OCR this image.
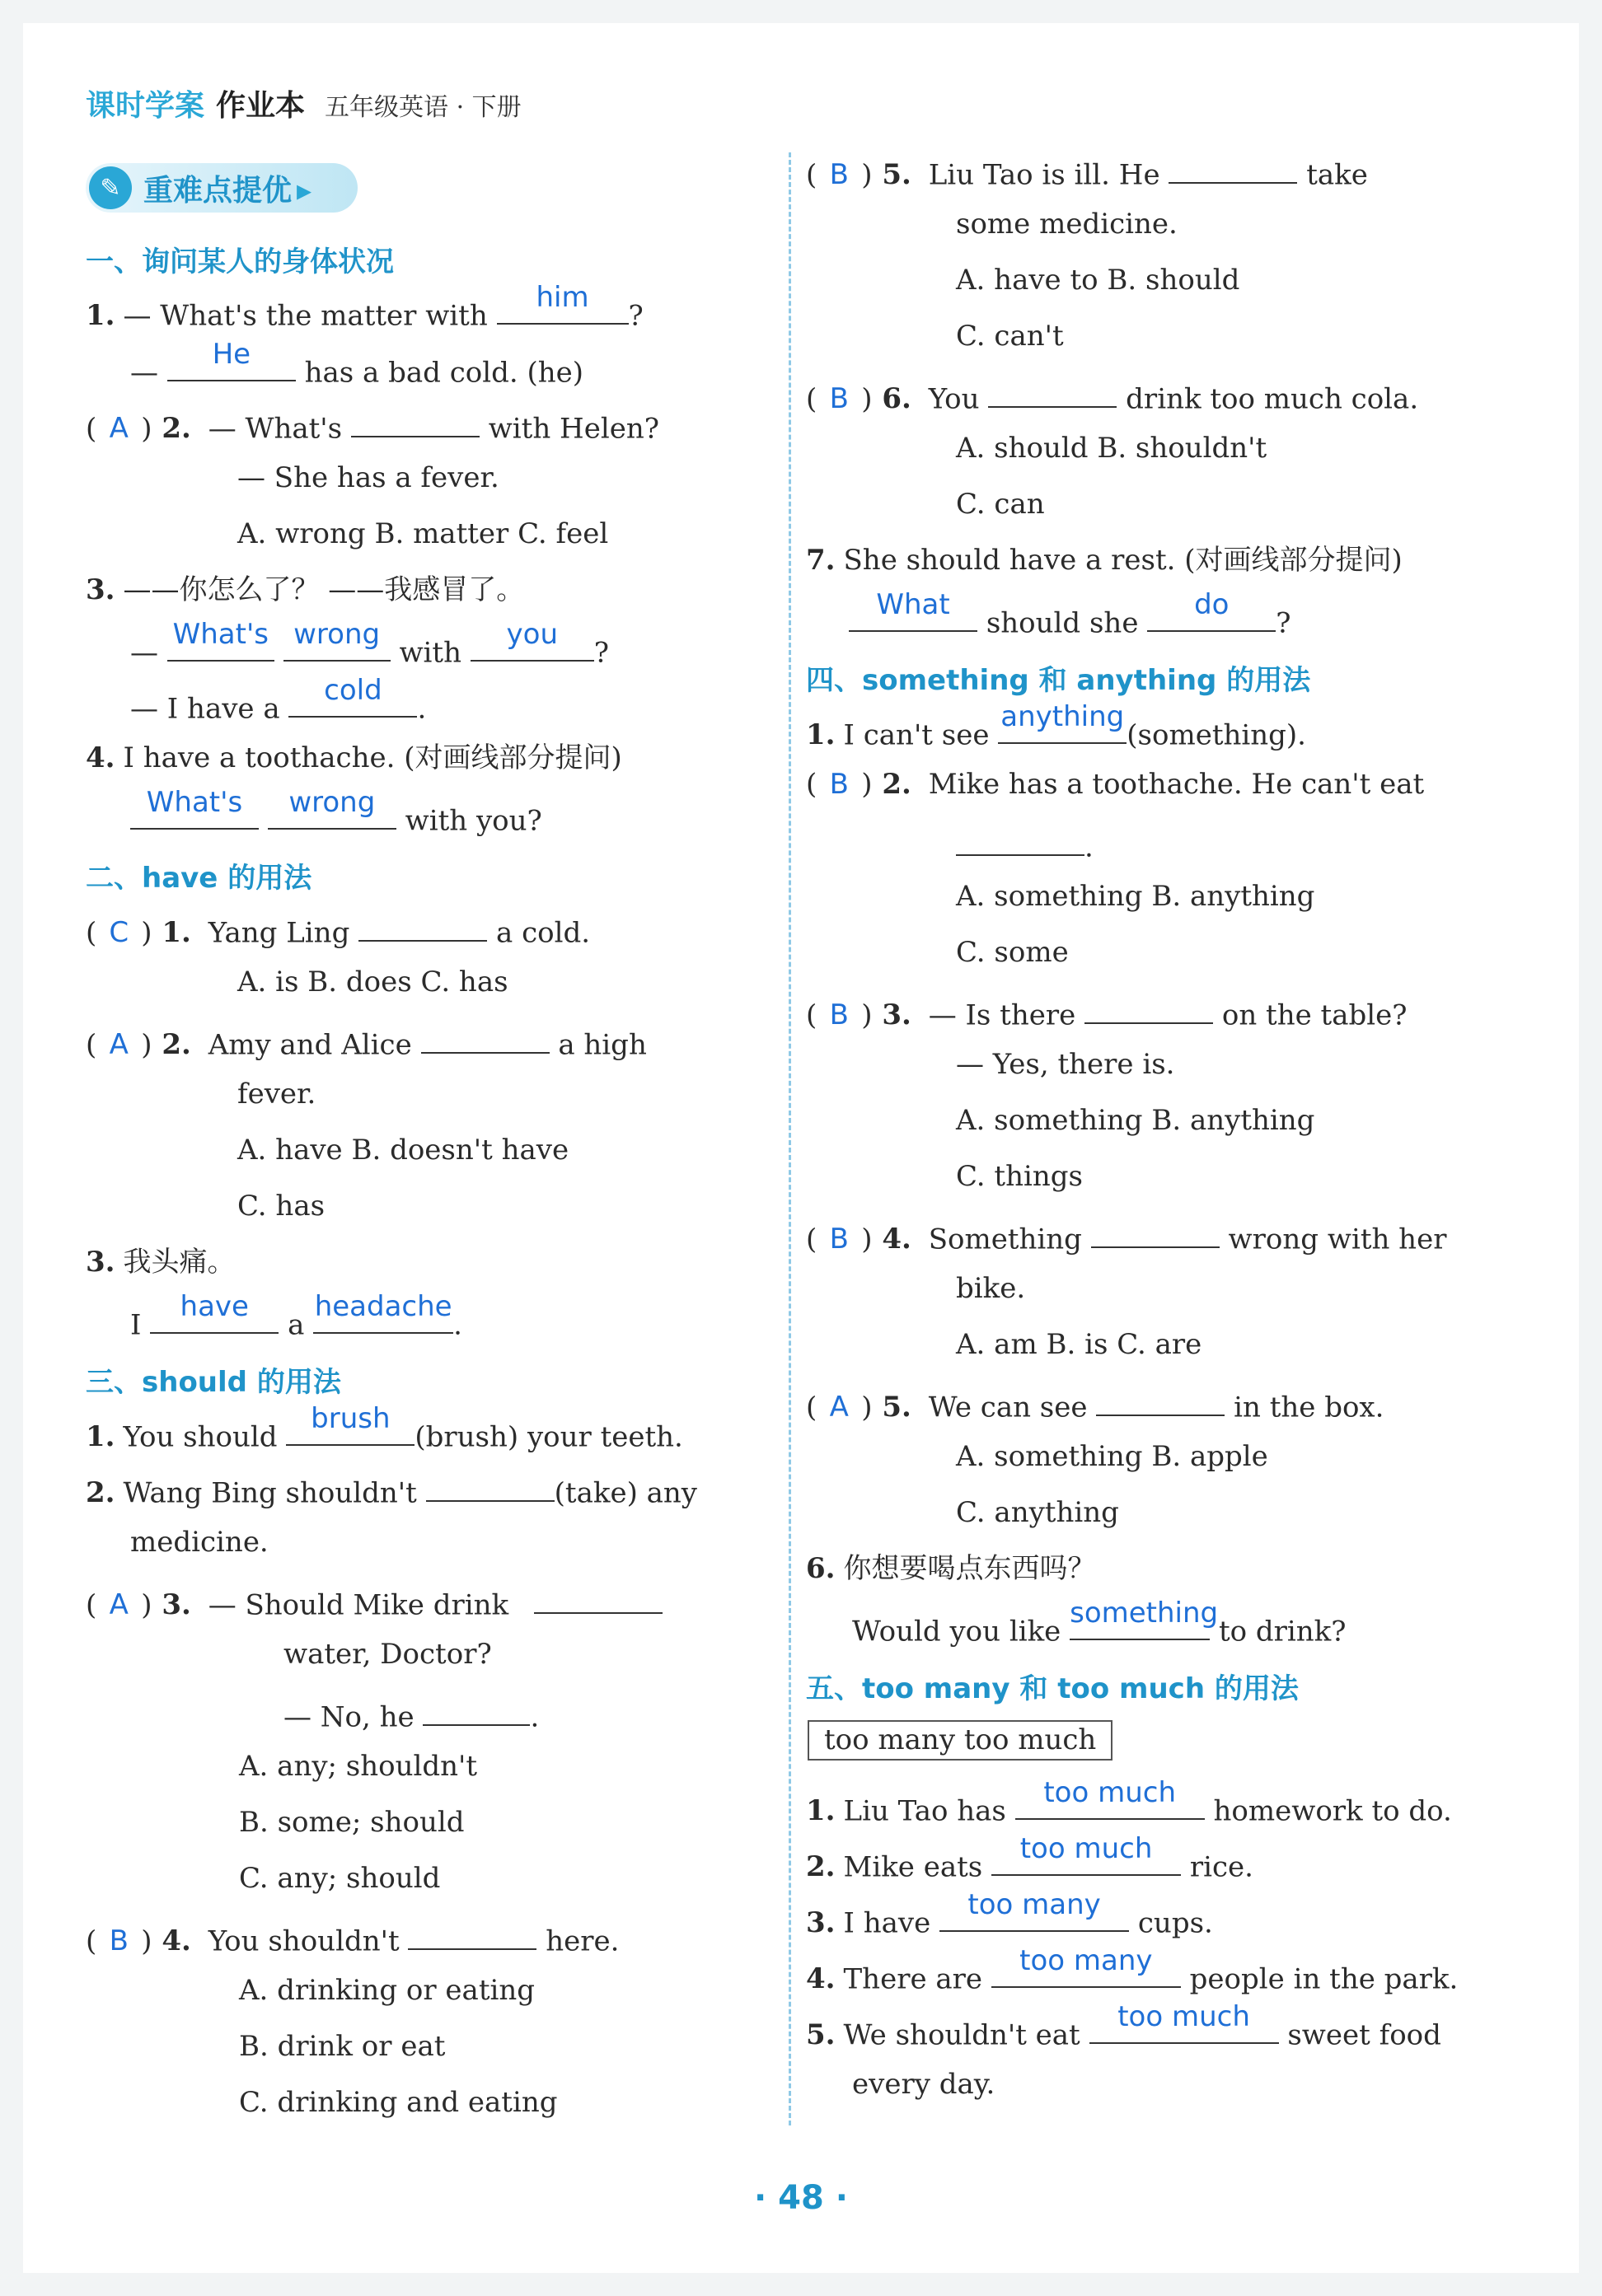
课时学案 作业本 五年级英语 · 下册
✎ 重难点提优 ▸
一、询问某人的身体状况
1. — What's the matter with
him
?
—
He
has a bad cold. (he)
( A ) 2. — What's	with Helen?
— She has a fever.
A. wrong B. matter C. feel
3. ——你怎么了？ ——我感冒了。
—
What's
wrong
with
you
?
— I have a
cold
.
4. I have a toothache. (对画线部分提问)
What's
	wrong
with you?
二、have 的用法
( C ) 1. Yang Ling	a cold.
A. is B. does C. has
( A ) 2. Amy and Alice	a high
fever.
A. have B. doesn't have
C. has
3. 我头痛。
I
have
a
headache
.
三、should 的用法
1. You should
brush
(brush) your teeth.
2. Wang Bing shouldn't	(take) any
medicine.
( A ) 3. — Should Mike drink
water, Doctor?
— No, he	.
A. any; shouldn't
B. some; should
C. any; should
( B ) 4. You shouldn't	here.
A. drinking or eating
B. drink or eat
C. drinking and eating
( B ) 5. Liu Tao is ill. He	take
some medicine.
A. have to B. should
C. can't
( B ) 6. You	drink too much cola.
A. should B. shouldn't
C. can
7. She should have a rest. (对画线部分提问)
What
should she
do
?
四、something 和 anything 的用法
1. I can't see
anything
(something).
( B ) 2. Mike has a toothache. He can't eat
.
A. something B. anything
C. some
( B ) 3. — Is there	on the table?
— Yes, there is.
A. something B. anything
C. things
( B ) 4. Something	wrong with her
bike.
A. am B. is C. are
( A ) 5. We can see	in the box.
A. something B. apple
C. anything
6. 你想要喝点东西吗？
Would you like
something
to drink?
五、too many 和 too much 的用法
too many too much
1. Liu Tao has
too much
homework to do.
2. Mike eats
too much
rice.
3. I have
too many
cups.
4. There are
too many
people in the park.
5. We shouldn't eat
too much
sweet food
every day.
· 48 ·
